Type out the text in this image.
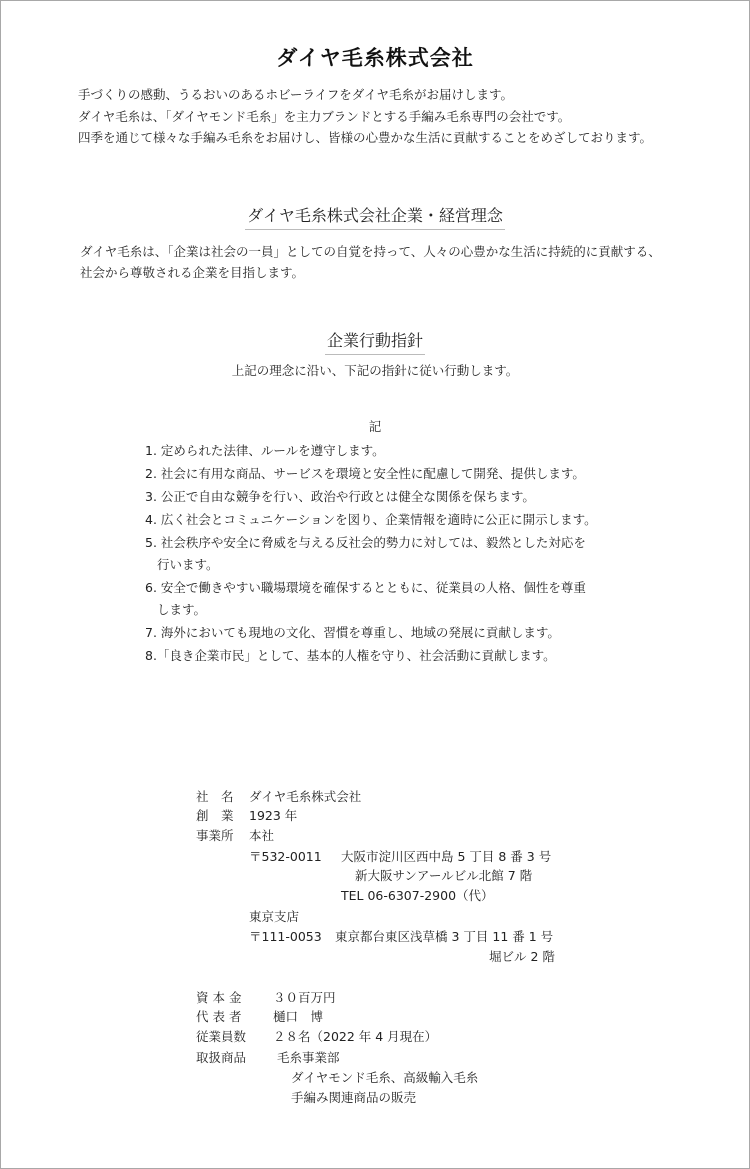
ダイヤ毛糸株式会社
手づくりの感動、うるおいのあるホビーライフをダイヤ毛糸がお届けします。
ダイヤ毛糸は、「ダイヤモンド毛糸」を主力ブランドとする手編み毛糸専門の会社です。
四季を通じて様々な手編み毛糸をお届けし、皆様の心豊かな生活に貢献することをめざしております。
ダイヤ毛糸株式会社企業・経営理念
ダイヤ毛糸は、「企業は社会の一員」としての自覚を持って、人々の心豊かな生活に持続的に貢献する、
社会から尊敬される企業を目指します。
企業行動指針
上記の理念に沿い、下記の指針に従い行動します。
記
1. 定められた法律、ルールを遵守します。
2. 社会に有用な商品、サービスを環境と安全性に配慮して開発、提供します。
3. 公正で自由な競争を行い、政治や行政とは健全な関係を保ちます。
4. 広く社会とコミュニケーションを図り、企業情報を適時に公正に開示します。
5. 社会秩序や安全に脅威を与える反社会的勢力に対しては、毅然とした対応を
行います。
6. 安全で働きやすい職場環境を確保するとともに、従業員の人格、個性を尊重
します。
7. 海外においても現地の文化、習慣を尊重し、地域の発展に貢献します。
8.「良き企業市民」として、基本的人権を守り、社会活動に貢献します。
社　名 ダイヤ毛糸株式会社
創　業 1923 年
事業所 本社
〒532-0011 大阪市淀川区西中島 5 丁目 8 番 3 号
新大阪サンアールビル北館 7 階
TEL 06-6307-2900（代）
東京支店
〒111-0053 東京都台東区浅草橋 3 丁目 11 番 1 号
堀ビル 2 階
資 本 金	３０百万円
代 表 者	樋口　博
従業員数 ２８名（2022 年 4 月現在）
取扱商品 毛糸事業部
ダイヤモンド毛糸、高級輸入毛糸
手編み関連商品の販売
